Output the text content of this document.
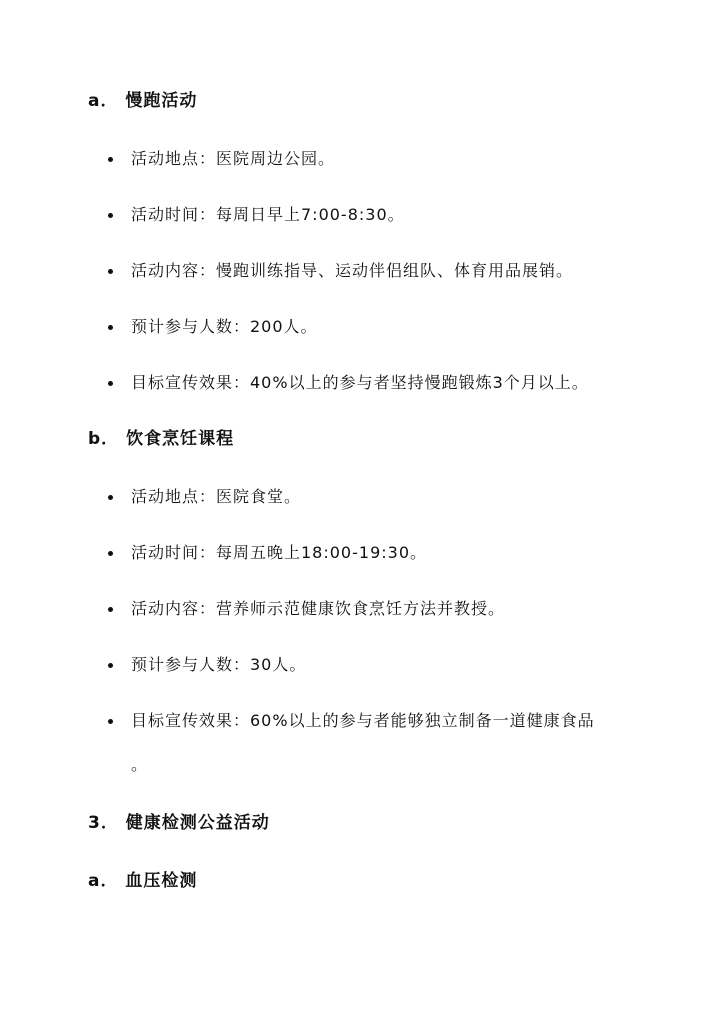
a． 慢跑活动
活动地点：医院周边公园。
活动时间：每周日早上7:00-8:30。
活动内容：慢跑训练指导、运动伴侣组队、体育用品展销。
预计参与人数：200人。
目标宣传效果：40%以上的参与者坚持慢跑锻炼3个月以上。
b． 饮食烹饪课程
活动地点：医院食堂。
活动时间：每周五晚上18:00-19:30。
活动内容：营养师示范健康饮食烹饪方法并教授。
预计参与人数：30人。
目标宣传效果：60%以上的参与者能够独立制备一道健康食品
。
3． 健康检测公益活动
a． 血压检测
